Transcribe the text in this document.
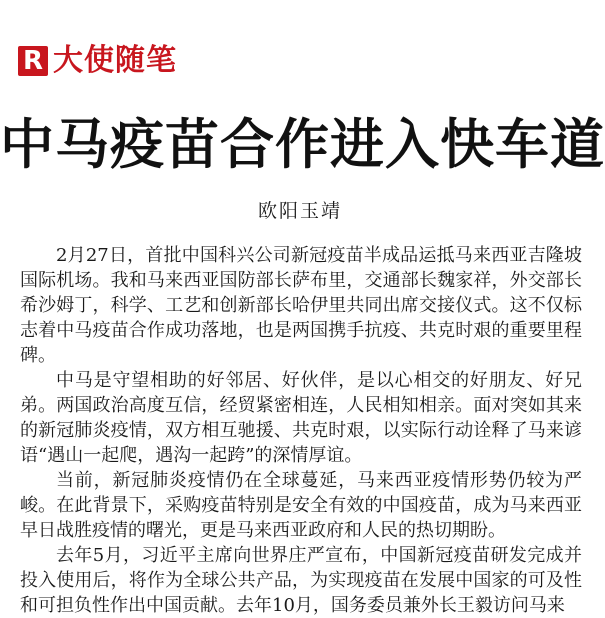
R 大使随笔
中马疫苗合作进入快车道
欧阳玉靖

2月27日，首批中国科兴公司新冠疫苗半成品运抵马来西亚吉隆坡国际机场。我和马来西亚国防部长萨布里，交通部长魏家祥，外交部长希沙姆丁，科学、工艺和创新部长哈伊里共同出席交接仪式。这不仅标志着中马疫苗合作成功落地，也是两国携手抗疫、共克时艰的重要里程碑。

中马是守望相助的好邻居、好伙伴，是以心相交的好朋友、好兄弟。两国政治高度互信，经贸紧密相连，人民相知相亲。面对突如其来的新冠肺炎疫情，双方相互驰援、共克时艰，以实际行动诠释了马来谚语“遇山一起爬，遇沟一起跨”的深情厚谊。

当前，新冠肺炎疫情仍在全球蔓延，马来西亚疫情形势仍较为严峻。在此背景下，采购疫苗特别是安全有效的中国疫苗，成为马来西亚早日战胜疫情的曙光，更是马来西亚政府和人民的热切期盼。

去年5月，习近平主席向世界庄严宣布，中国新冠疫苗研发完成并投入使用后，将作为全球公共产品，为实现疫苗在发展中国家的可及性和可担负性作出中国贡献。去年10月，国务委员兼外长王毅访问马来
